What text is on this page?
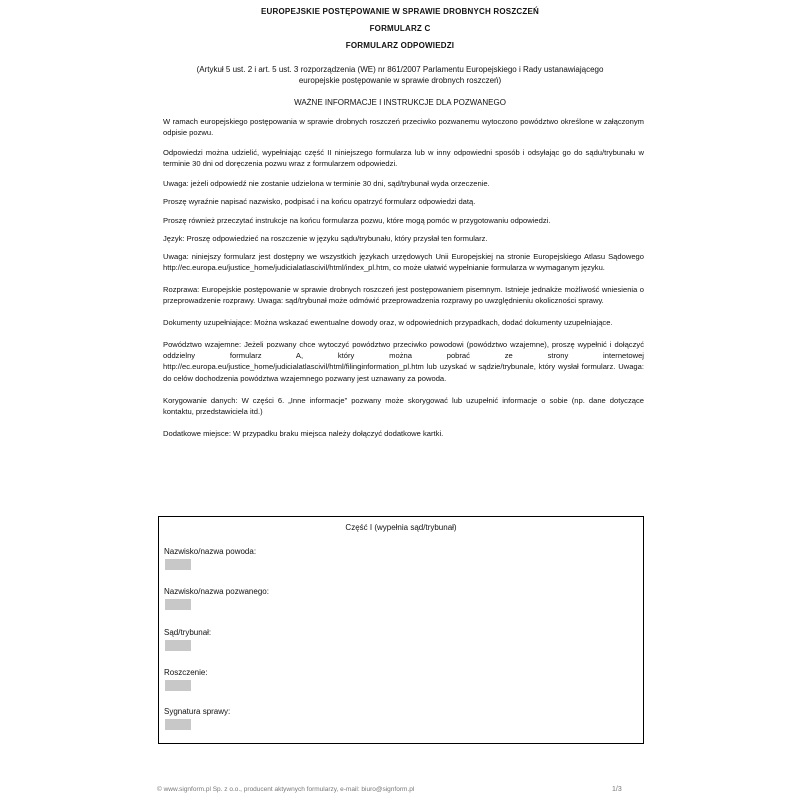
EUROPEJSKIE POSTĘPOWANIE W SPRAWIE DROBNYCH ROSZCZEŃ
FORMULARZ C
FORMULARZ ODPOWIEDZI
(Artykuł 5 ust. 2 i art. 5 ust. 3 rozporządzenia (WE) nr 861/2007 Parlamentu Europejskiego i Rady ustanawiającego
europejskie postępowanie w sprawie drobnych roszczeń)
WAŻNE INFORMACJE I INSTRUKCJE DLA POZWANEGO

W ramach europejskiego postępowania w sprawie drobnych roszczeń przeciwko pozwanemu wytoczono powództwo określone w załączonym odpisie pozwu.

Odpowiedzi można udzielić, wypełniając część II niniejszego formularza lub w inny odpowiedni sposób i odsyłając go do sądu/trybunału w terminie 30 dni od doręczenia pozwu wraz z formularzem odpowiedzi.

Uwaga: jeżeli odpowiedź nie zostanie udzielona w terminie 30 dni, sąd/trybunał wyda orzeczenie.

Proszę wyraźnie napisać nazwisko, podpisać i na końcu opatrzyć formularz odpowiedzi datą.

Proszę również przeczytać instrukcje na końcu formularza pozwu, które mogą pomóc w przygotowaniu odpowiedzi.

Język: Proszę odpowiedzieć na roszczenie w języku sądu/trybunału, który przysłał ten formularz.

Uwaga: niniejszy formularz jest dostępny we wszystkich językach urzędowych Unii Europejskiej na stronie Europejskiego Atlasu Sądowego http://ec.europa.eu/justice_home/judicialatlascivil/html/index_pl.htm, co może ułatwić wypełnianie formularza w wymaganym języku.

Rozprawa: Europejskie postępowanie w sprawie drobnych roszczeń jest postępowaniem pisemnym. Istnieje jednakże możliwość wniesienia o przeprowadzenie rozprawy. Uwaga: sąd/trybunał może odmówić przeprowadzenia rozprawy po uwzględnieniu okoliczności sprawy.

Dokumenty uzupełniające: Można wskazać ewentualne dowody oraz, w odpowiednich przypadkach, dodać dokumenty uzupełniające.

Powództwo wzajemne: Jeżeli pozwany chce wytoczyć powództwo przeciwko powodowi (powództwo wzajemne), proszę wypełnić i dołączyć oddzielny formularz A, który można pobrać ze strony internetowej http://ec.europa.eu/justice_home/judicialatlascivil/html/filinginformation_pl.htm lub uzyskać w sądzie/trybunale, który wysłał formularz. Uwaga: do celów dochodzenia powództwa wzajemnego pozwany jest uznawany za powoda.

Korygowanie danych: W części 6. „Inne informacje” pozwany może skorygować lub uzupełnić informacje o sobie (np. dane dotyczące kontaktu, przedstawiciela itd.)

Dodatkowe miejsce: W przypadku braku miejsca należy dołączyć dodatkowe kartki.

Część I (wypełnia sąd/trybunał)
Nazwisko/nazwa powoda:
Nazwisko/nazwa pozwanego:
Sąd/trybunał:
Roszczenie:
Sygnatura sprawy:
© www.signform.pl Sp. z o.o., producent aktywnych formularzy, e-mail: biuro@signform.pl	1/3
